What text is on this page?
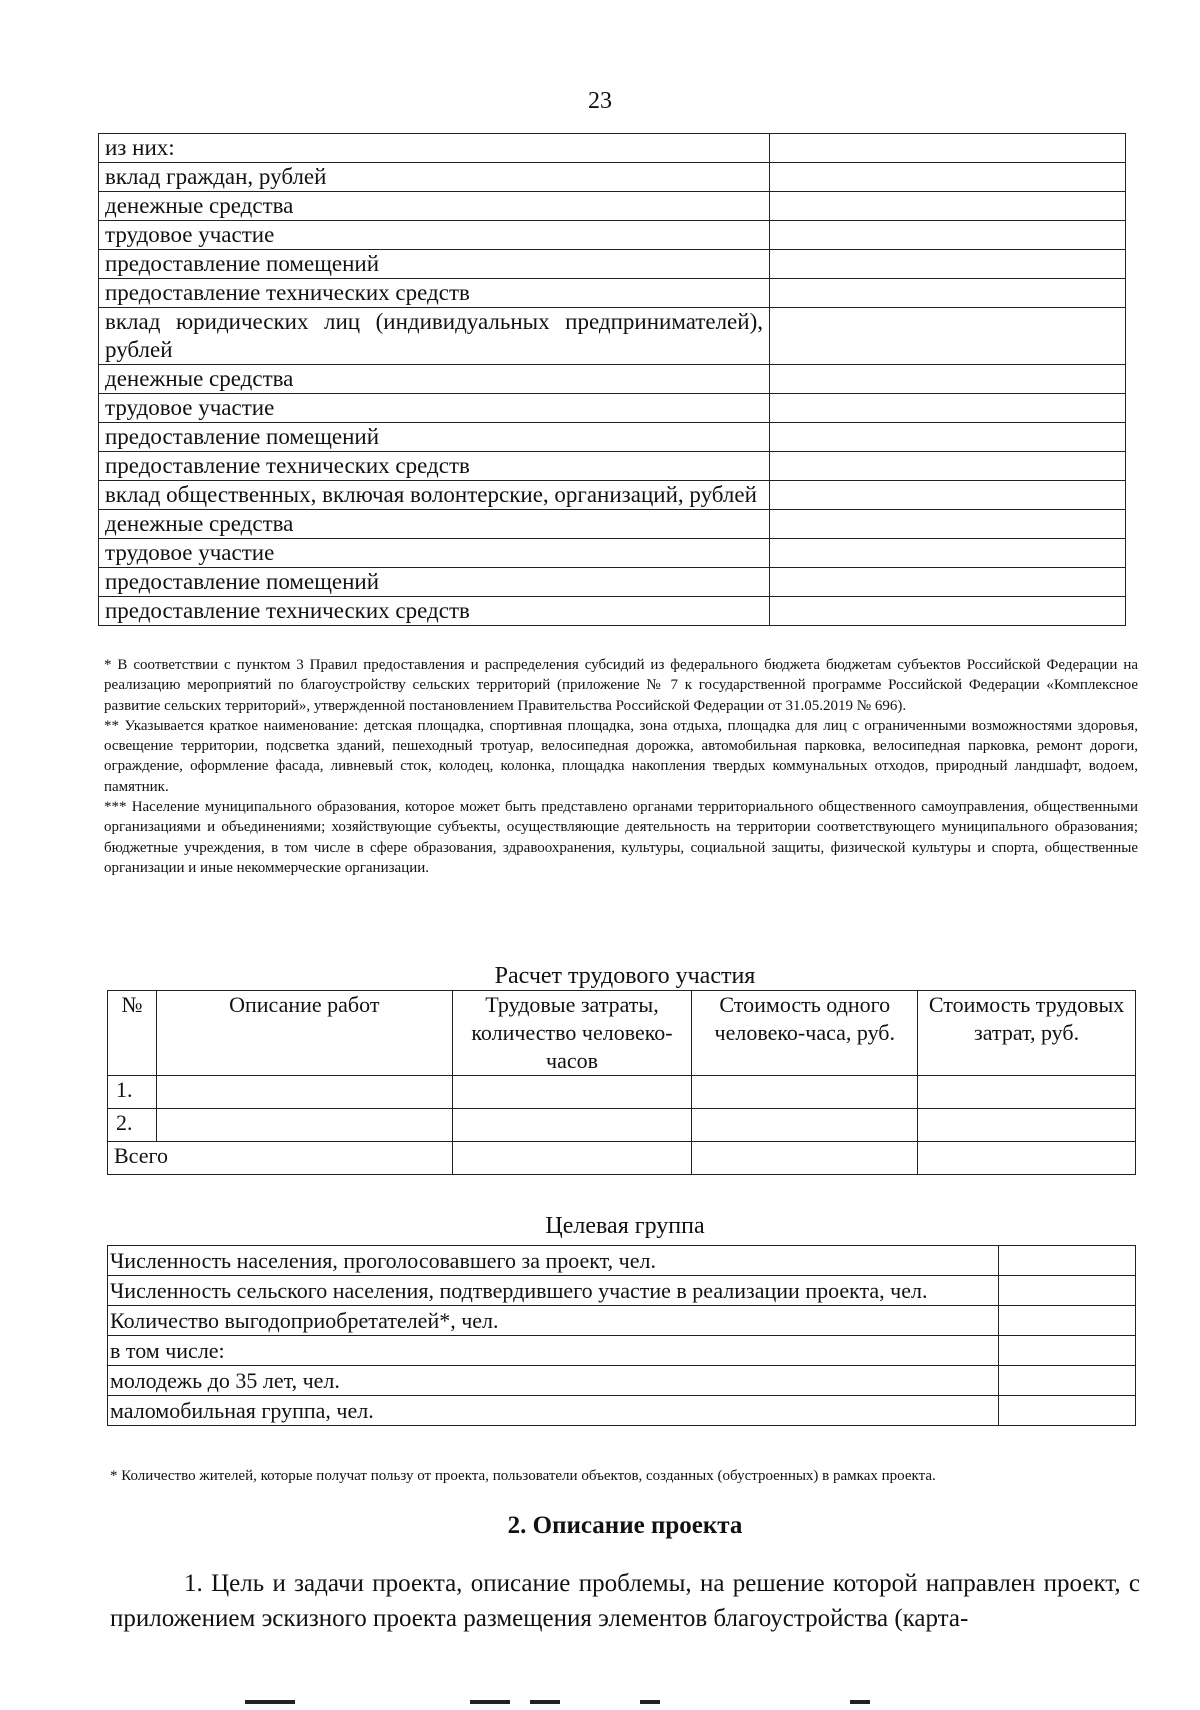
23
из них:	
вклад граждан, рублей	
денежные средства	
трудовое участие	
предоставление помещений	
предоставление технических средств	
вклад юридических лиц (индивидуальных предприниматeлей), рублей	
денежные средства	
трудовое участие	
предоставление помещений	
предоставление технических средств	
вклад общественных, включая волонтерские, организаций, рублей	
денежные средства	
трудовое участие	
предоставление помещений	
предоставление технических средств	

* В соответствии с пунктом 3 Правил предоставления и распределения субсидий из федерального бюджета бюджетам субъектов Российской Федерации на реализацию мероприятий по благоустройству сельских территорий (приложение № 7 к государственной программе Российской Федерации «Комплексное развитие сельских территорий», утвержденной постановлением Правительства Российской Федерации от 31.05.2019 № 696).

** Указывается краткое наименование: детская площадка, спортивная площадка, зона отдыха, площадка для лиц с ограниченными возможностями здоровья, освещение территории, подсветка зданий, пешеходный тротуар, велосипедная дорожка, автомобильная парковка, велосипедная парковка, ремонт дороги, ограждение, оформление фасада, ливневый сток, колодец, колонка, площадка накопления твердых коммунальных отходов, природный ландшафт, водоем, памятник.

*** Население муниципального образования, которое может быть представлено органами территориального общественного самоуправления, общественными организациями и объединениями; хозяйствующие субъекты, осуществляющие деятельность на территории соответствующего муниципального образования; бюджетные учреждения, в том числе в сфере образования, здравоохранения, культуры, социальной защиты, физической культуры и спорта, общественные организации и иные некоммерческие организации.

Расчет трудового участия
№	Описание работ	Трудовые затраты, количество человеко-часов	Стоимость одного человеко-часа, руб.	Стоимость трудовых затрат, руб.
1.				
2.				
Всего				
Целевая группа
Численность населения, проголосовавшего за проект, чел.	
Численность сельского населения, подтвердившего участие в реализации проекта, чел.	
Количество выгодоприобретателей*, чел.	
в том числе:	
молодежь до 35 лет, чел.	
маломобильная группа, чел.	
* Количество жителей, которые получат пользу от проекта, пользователи объектов, созданных (обустроенных) в рамках проекта.
2. Описание проекта
1. Цель и задачи проекта, описание проблемы, на решение которой направлен проект, с приложением эскизного проекта размещения элементов благоустройства (карта-
